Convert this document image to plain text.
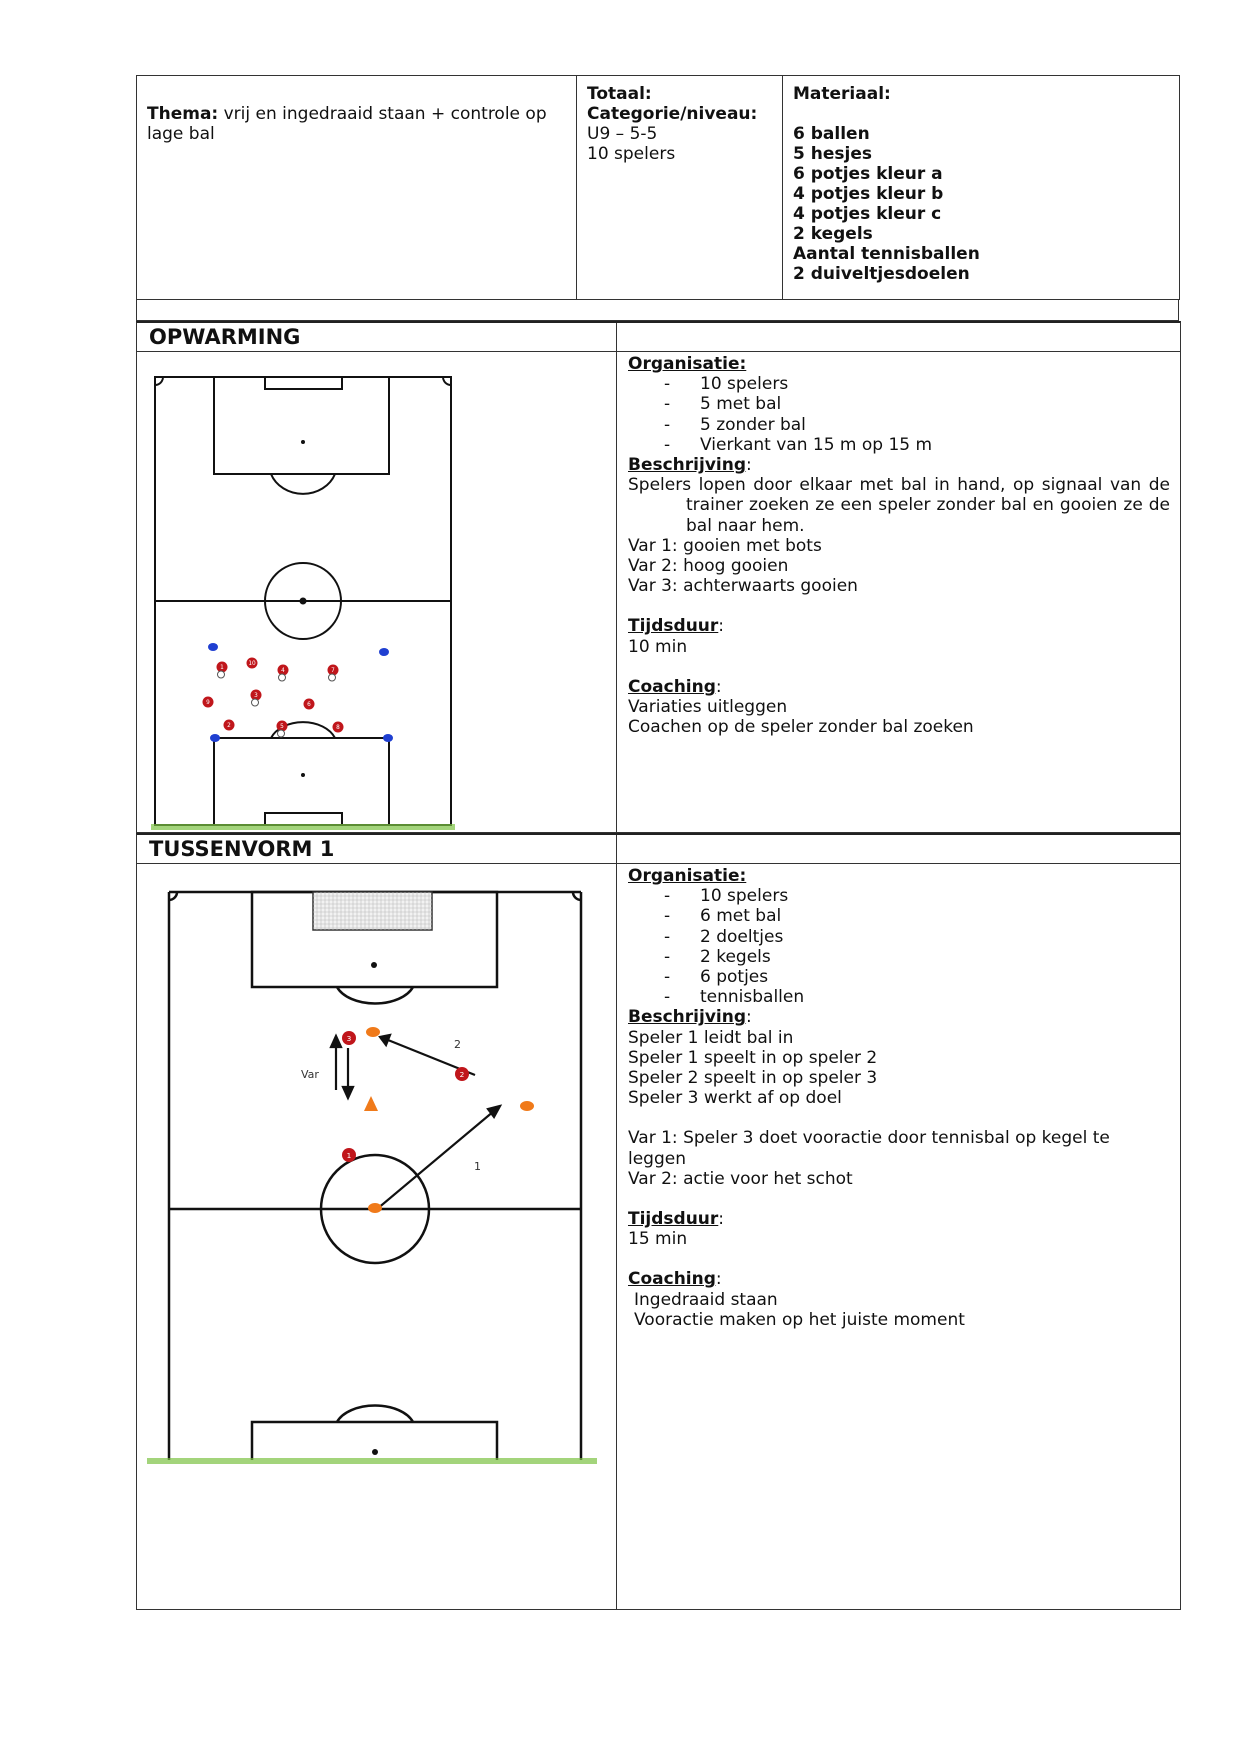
Thema: vrij en ingedraaid staan + controle op lage bal	
Totaal:
Categorie/niveau:
U9 – 5-5
10 spelers

Materiaal:
6 ballen
5 hesjes
6 potjes kleur a
4 potjes kleur b
4 potjes kleur c
2 kegels
Aantal tennisballen
2 duiveltjesdoelen
OPWARMING
1
10
4	7
9
3
6
2	5	8
Organisatie:
- 10 spelers
- 5 met bal
- 5 zonder bal
- Vierkant van 15 m op 15 m
Beschrijving:
Spelers lopen door elkaar met bal in hand, op signaal van de
trainer zoeken ze een speler zonder bal en gooien ze de
bal naar hem.
Var 1: gooien met bots
Var 2: hoog gooien
Var 3: achterwaarts gooien
Tijdsduur:
10 min
Coaching:
Variaties uitleggen
Coachen op de speler zonder bal zoeken
TUSSENVORM 1
Var
2
1
1
2
3
Organisatie:
- 10 spelers
- 6 met bal
- 2 doeltjes
- 2 kegels
- 6 potjes
- tennisballen
Beschrijving:
Speler 1 leidt bal in
Speler 1 speelt in op speler 2
Speler 2 speelt in op speler 3
Speler 3 werkt af op doel
Var 1: Speler 3 doet vooractie door tennisbal op kegel te leggen
Var 2: actie voor het schot
Tijdsduur:
15 min
Coaching:
Ingedraaid staan
Vooractie maken op het juiste moment
